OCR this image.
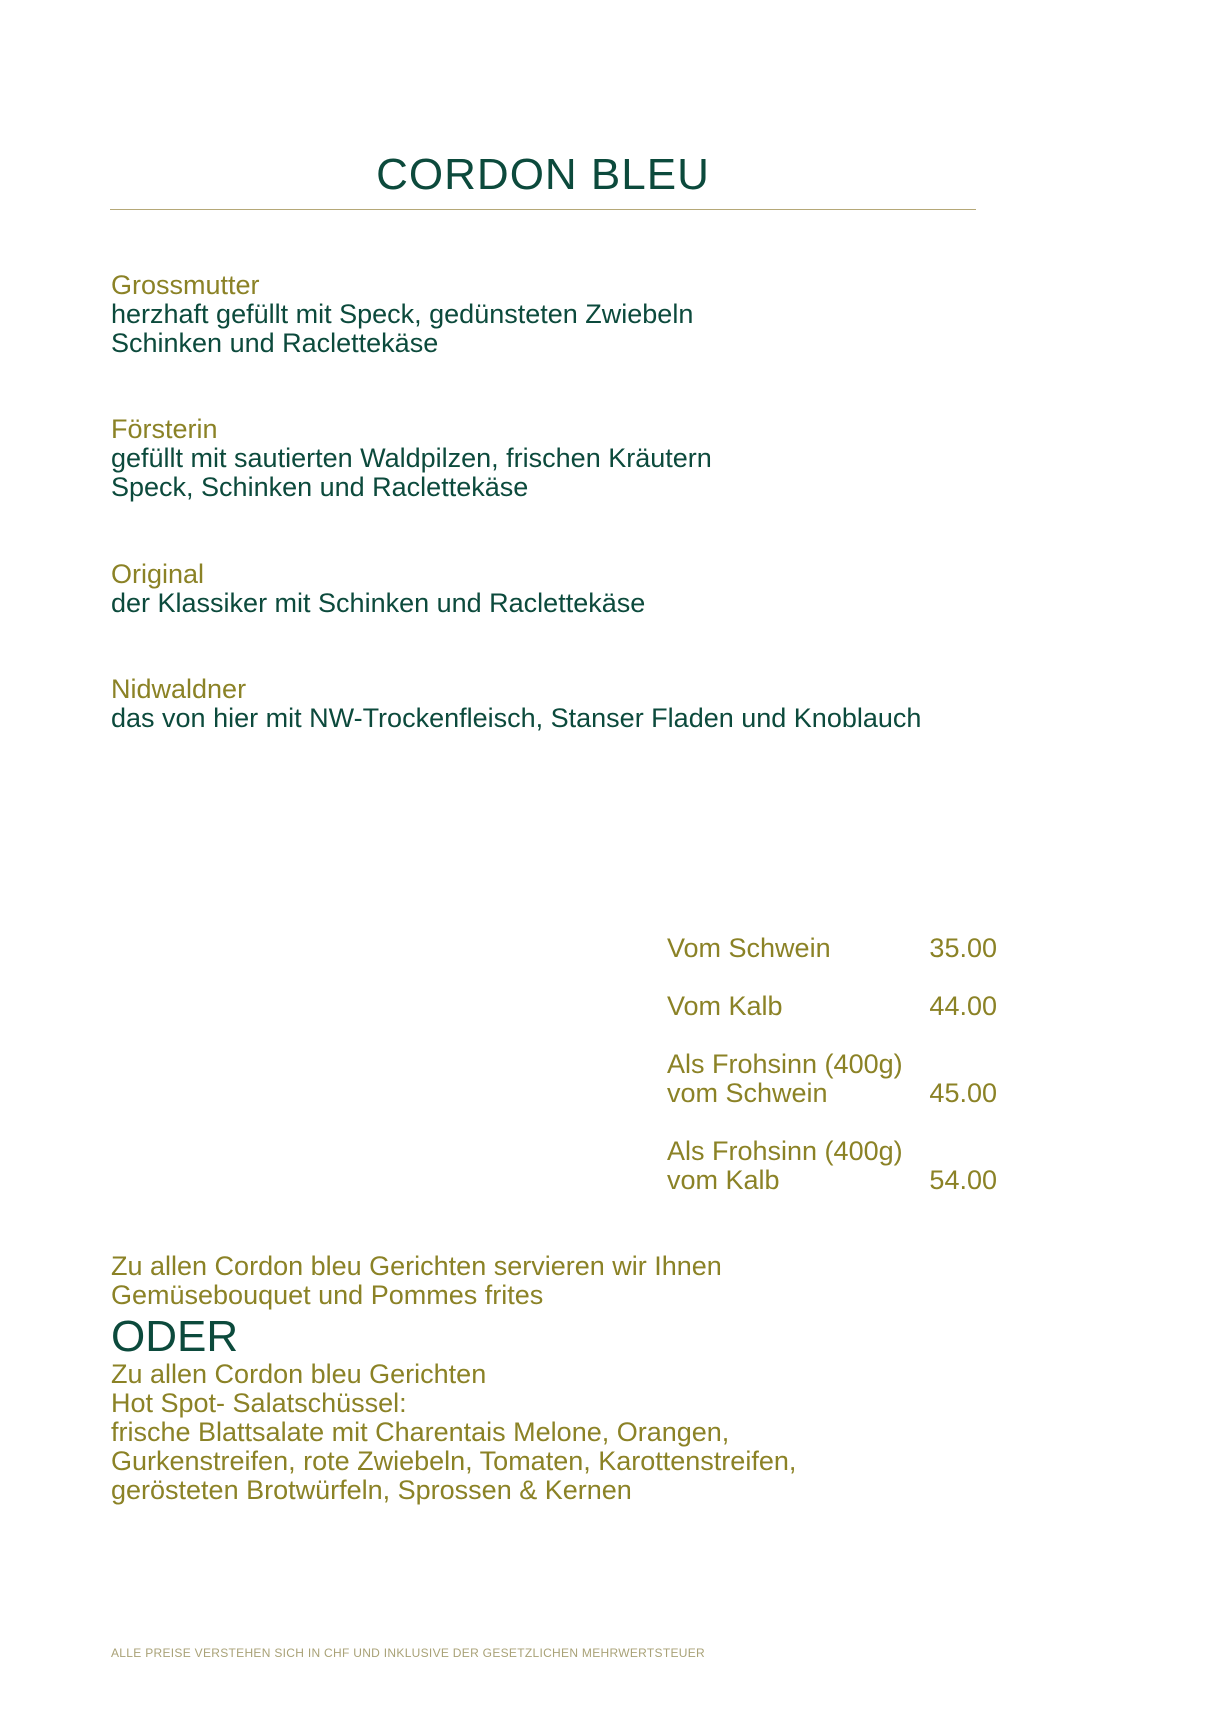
CORDON BLEU
Grossmutter
herzhaft gefüllt mit Speck, gedünsteten Zwiebeln
Schinken und Raclettekäse
Försterin
gefüllt mit sautierten Waldpilzen, frischen Kräutern
Speck, Schinken und Raclettekäse
Original
der Klassiker mit Schinken und Raclettekäse
Nidwaldner
das von hier mit NW-Trockenfleisch, Stanser Fladen und Knoblauch
Vom Schwein	35.00
Vom Kalb	44.00
Als Frohsinn (400g)
vom Schwein	45.00
Als Frohsinn (400g)
vom Kalb	54.00
Zu allen Cordon bleu Gerichten servieren wir Ihnen
Gemüsebouquet und Pommes frites
ODER
Zu allen Cordon bleu Gerichten
Hot Spot- Salatschüssel:
frische Blattsalate mit Charentais Melone, Orangen,
Gurkenstreifen, rote Zwiebeln, Tomaten, Karottenstreifen,
gerösteten Brotwürfeln, Sprossen & Kernen
ALLE PREISE VERSTEHEN SICH IN CHF UND INKLUSIVE DER GESETZLICHEN MEHRWERTSTEUER
